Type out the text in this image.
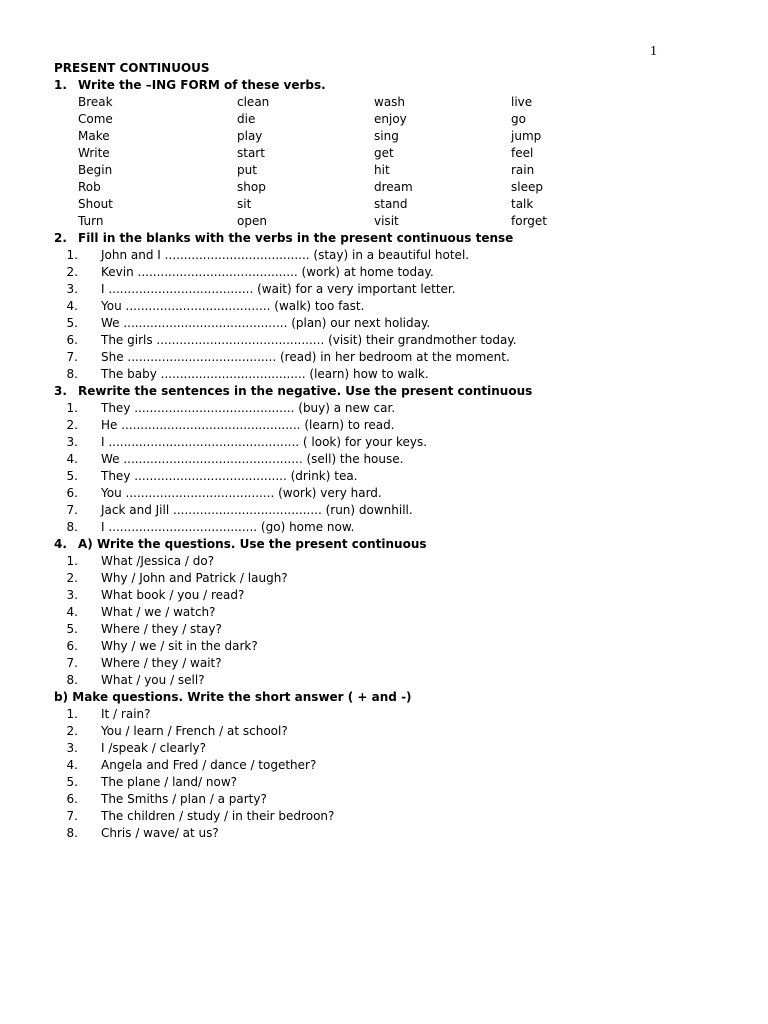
1
PRESENT CONTINUOUS
1. Write the –ING FORM of these verbs.
Break	clean	wash	live
Come	die	enjoy	go
Make	play	sing	jump
Write	start	get	feel
Begin	put	hit	rain
Rob	shop	dream	sleep
Shout	sit	stand	talk
Turn	open	visit	forget
2. Fill in the blanks with the verbs in the present continuous tense
1. John and I ...................................... (stay) in a beautiful hotel.
2. Kevin .......................................... (work) at home today.
3. I ...................................... (wait) for a very important letter.
4. You ...................................... (walk) too fast.
5. We ........................................... (plan) our next holiday.
6. The girls ............................................ (visit) their grandmother today.
7. She ....................................... (read) in her bedroom at the moment.
8. The baby ...................................... (learn) how to walk.
3. Rewrite the sentences in the negative. Use the present continuous
1. They .......................................... (buy) a new car.
2. He ............................................... (learn) to read.
3. I .................................................. ( look) for your keys.
4. We ............................................... (sell) the house.
5. They ........................................ (drink) tea.
6. You ....................................... (work) very hard.
7. Jack and Jill ....................................... (run) downhill.
8. I ....................................... (go) home now.
4. A) Write the questions. Use the present continuous
1. What /Jessica / do?
2. Why / John and Patrick / laugh?
3. What book / you / read?
4. What / we / watch?
5. Where / they / stay?
6. Why / we / sit in the dark?
7. Where / they / wait?
8. What / you / sell?
b) Make questions. Write the short answer ( + and -)
1. It / rain?
2. You / learn / French / at school?
3. I /speak / clearly?
4. Angela and Fred / dance / together?
5. The plane / land/ now?
6. The Smiths / plan / a party?
7. The children / study / in their bedroon?
8. Chris / wave/ at us?
